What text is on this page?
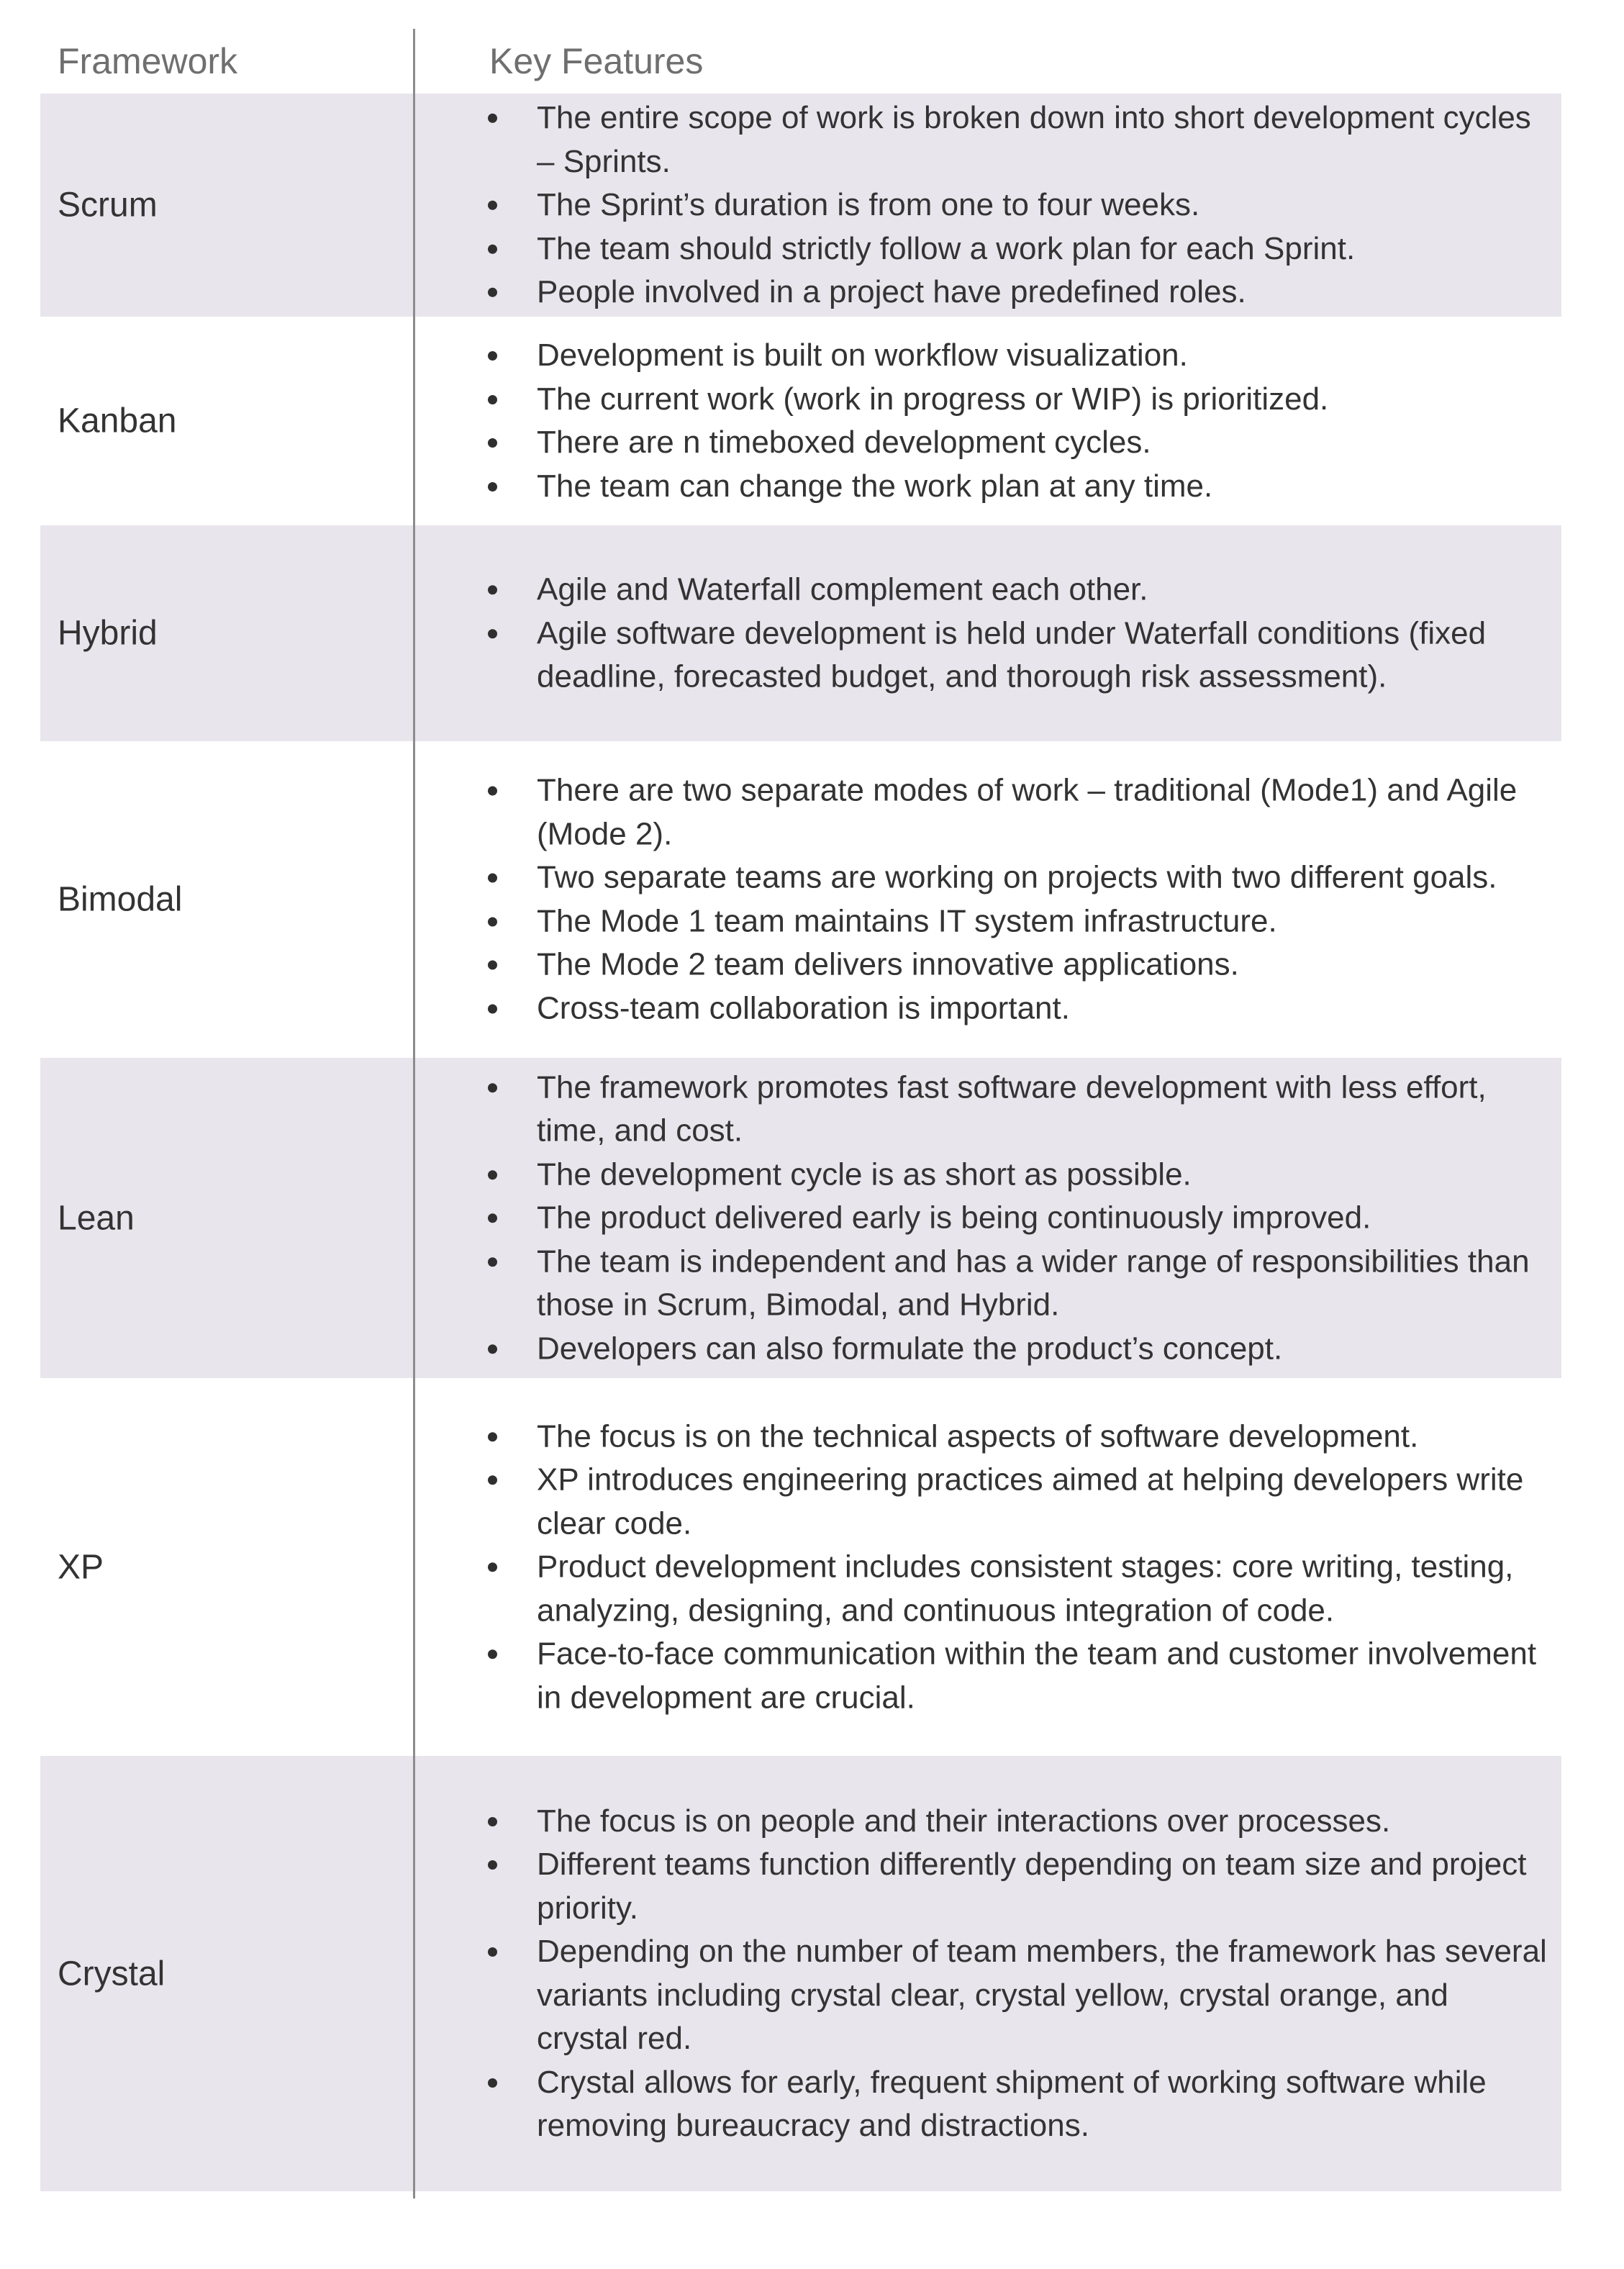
Framework	Key Features
Scrum
The entire scope of work is broken down into short development cycles – Sprints.
The Sprint’s duration is from one to four weeks.
The team should strictly follow a work plan for each Sprint.
People involved in a project have predefined roles.
Kanban
Development is built on workflow visualization.
The current work (work in progress or WIP) is prioritized.
There are n timeboxed development cycles.
The team can change the work plan at any time.
Hybrid
Agile and Waterfall complement each other.
Agile software development is held under Waterfall conditions (fixed deadline, forecasted budget, and thorough risk assessment).
Bimodal
There are two separate modes of work – traditional (Mode1) and Agile (Mode 2).
Two separate teams are working on projects with two different goals.
The Mode 1 team maintains IT system infrastructure.
The Mode 2 team delivers innovative applications.
Cross-team collaboration is important.
Lean
The framework promotes fast software development with less effort, time, and cost.
The development cycle is as short as possible.
The product delivered early is being continuously improved.
The team is independent and has a wider range of responsibilities than those in Scrum, Bimodal, and Hybrid.
Developers can also formulate the product’s concept.
XP
The focus is on the technical aspects of software development.
XP introduces engineering practices aimed at helping developers write clear code.
Product development includes consistent stages: core writing, testing, analyzing, designing, and continuous integration of code.
Face-to-face communication within the team and customer involvement in development are crucial.
Crystal
The focus is on people and their interactions over processes.
Different teams function differently depending on team size and project priority.
Depending on the number of team members, the framework has several variants including crystal clear, crystal yellow, crystal orange, and crystal red.
Crystal allows for early, frequent shipment of working software while removing bureaucracy and distractions.
